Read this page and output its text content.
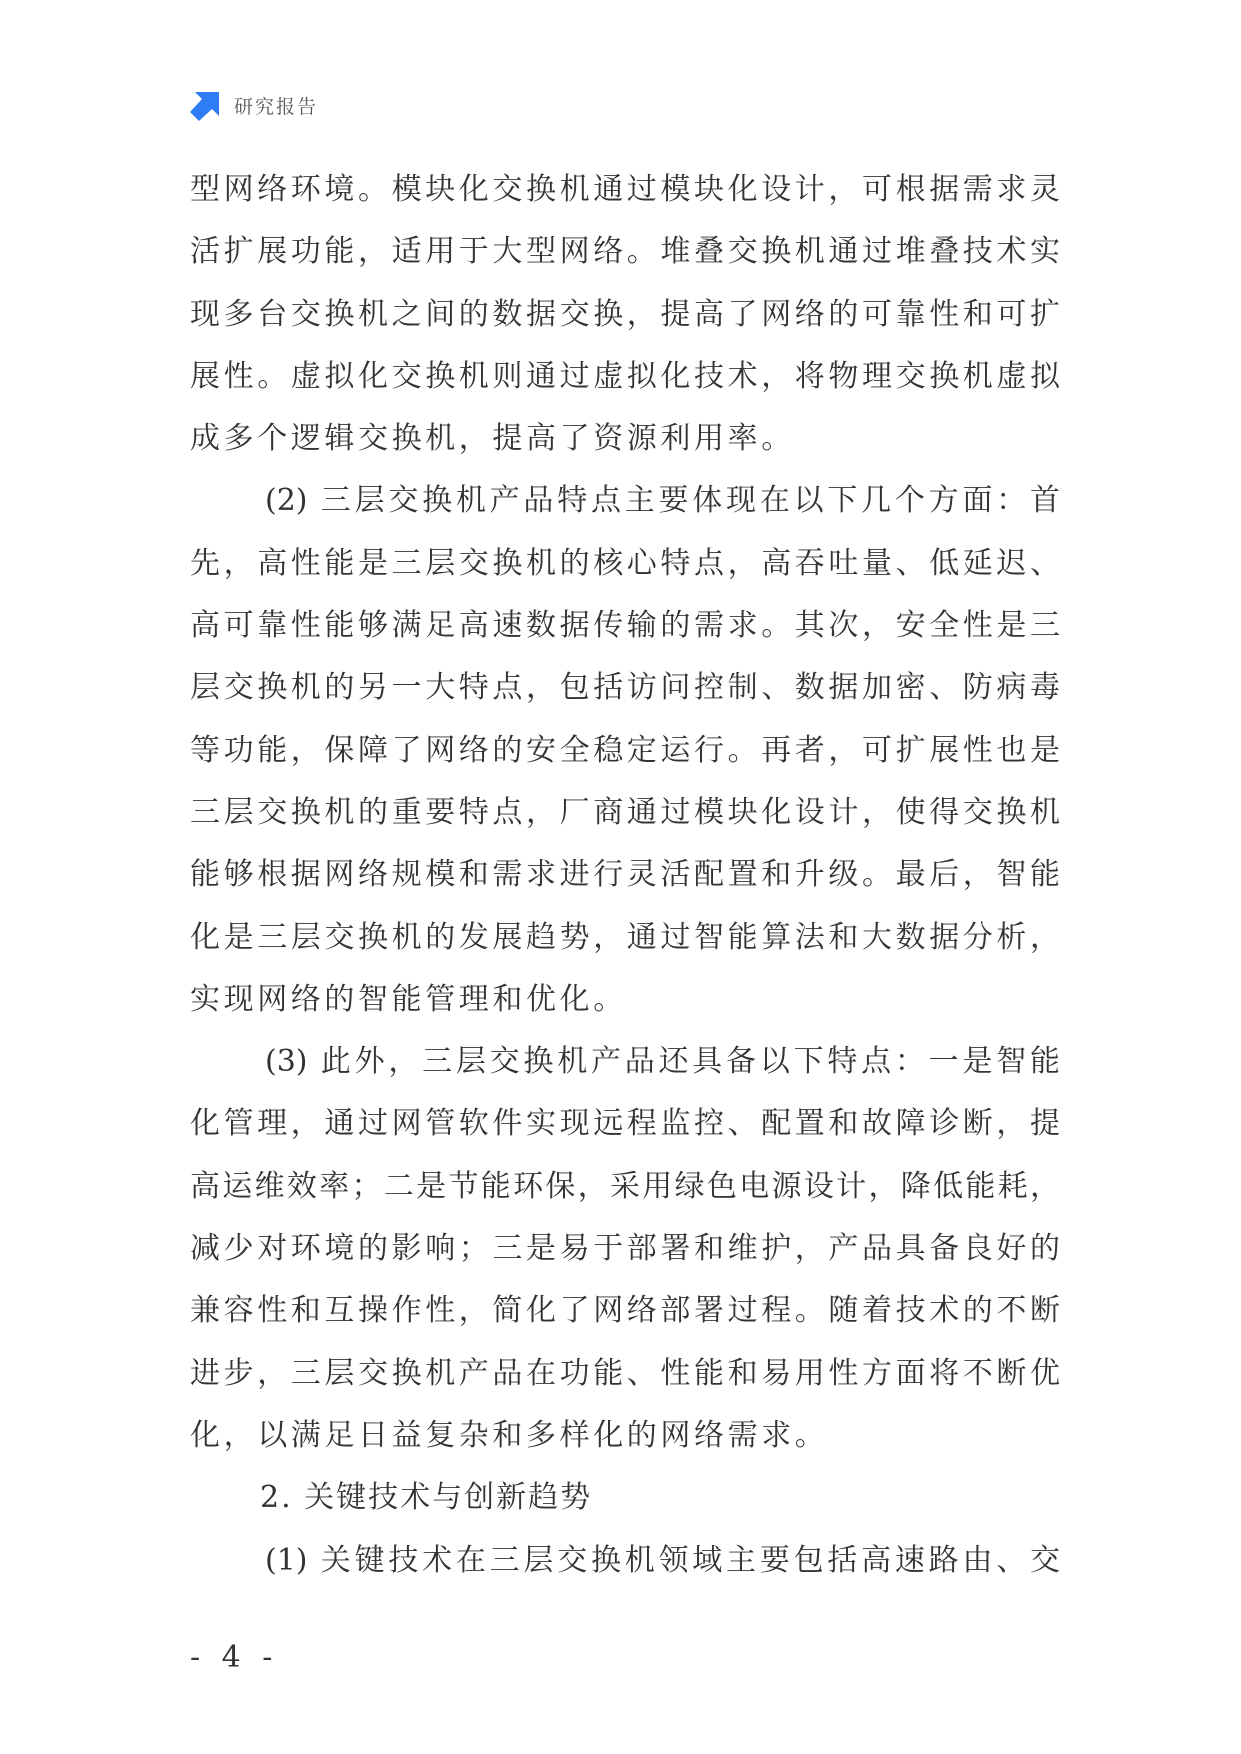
研究报告
型网络环境。模块化交换机通过模块化设计，可根据需求灵
活扩展功能，适用于大型网络。堆叠交换机通过堆叠技术实
现多台交换机之间的数据交换，提高了网络的可靠性和可扩
展性。虚拟化交换机则通过虚拟化技术，将物理交换机虚拟
成多个逻辑交换机，提高了资源利用率。
(2) 三层交换机产品特点主要体现在以下几个方面：首
先，高性能是三层交换机的核心特点，高吞吐量、低延迟、
高可靠性能够满足高速数据传输的需求。其次，安全性是三
层交换机的另一大特点，包括访问控制、数据加密、防病毒
等功能，保障了网络的安全稳定运行。再者，可扩展性也是
三层交换机的重要特点，厂商通过模块化设计，使得交换机
能够根据网络规模和需求进行灵活配置和升级。最后，智能
化是三层交换机的发展趋势，通过智能算法和大数据分析，
实现网络的智能管理和优化。
(3) 此外，三层交换机产品还具备以下特点：一是智能
化管理，通过网管软件实现远程监控、配置和故障诊断，提
高运维效率；二是节能环保，采用绿色电源设计，降低能耗，
减少对环境的影响；三是易于部署和维护，产品具备良好的
兼容性和互操作性，简化了网络部署过程。随着技术的不断
进步，三层交换机产品在功能、性能和易用性方面将不断优
化，以满足日益复杂和多样化的网络需求。
2. 关键技术与创新趋势
(1) 关键技术在三层交换机领域主要包括高速路由、交
- 4 -
